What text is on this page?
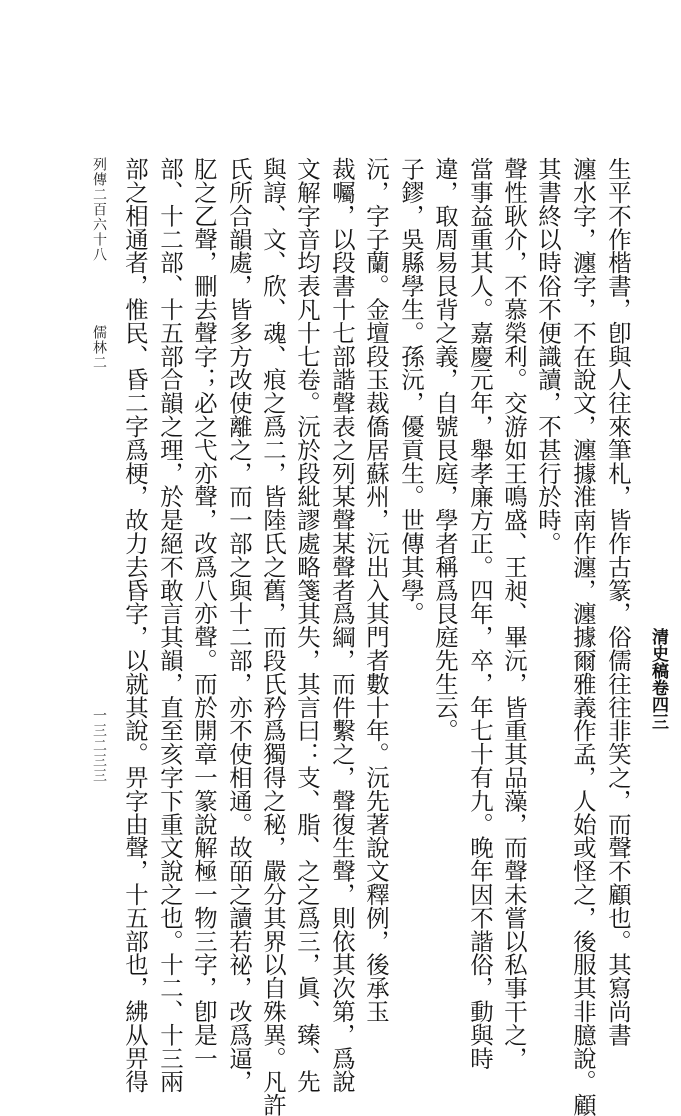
清史稿卷四三
生平不作楷書，卽與人往來筆札，皆作古篆，俗儒往往非笑之，而聲不顧也。其寫尚書
瀍水字，瀍字，不在說文，瀍據淮南作瀍，瀍據爾雅義作孟，人始或怪之，後服其非臆說。顧
其書終以時俗不便識讀，不甚行於時。
聲性耿介，不慕榮利。交游如王鳴盛、王昶、畢沅，皆重其品藻，而聲未嘗以私事干之，
當事益重其人。嘉慶元年，舉孝廉方正。四年，卒，年七十有九。晚年因不諧俗，動與時
違，取周易艮背之義，自號艮庭，學者稱爲艮庭先生云。
子鏐，吳縣學生。孫沅，優貢生。世傳其學。
沅，字子蘭。金壇段玉裁僑居蘇州，沅出入其門者數十年。沅先著說文釋例，後承玉
裁囑，以段書十七部諧聲表之列某聲某聲者爲綱，而件繫之，聲復生聲，則依其次第，爲說
文解字音均表凡十七卷。沅於段紕謬處略箋其失，其言曰：支、脂、之之爲三，眞、臻、先
與諄、文、欣、魂、痕之爲二，皆陸氏之舊，而段氏矜爲獨得之秘，嚴分其界以自殊異。凡許
氏所合韻處，皆多方改使離之，而一部之與十二部，亦不使相通。故皕之讀若祕，改爲逼，
肊之乙聲，刪去聲字；必之弋亦聲，改爲八亦聲。而於開章一篆說解極一物三字，卽是一
部、十二部、十五部合韻之理，於是絕不敢言其韻，直至亥字下重文說之也。十二、十三兩
部之相通者，惟民、昏二字爲梗，故力去昏字，以就其說。畀字由聲，十五部也，紼从畀得
列傳二百六十八
儒林二
一三二三三
